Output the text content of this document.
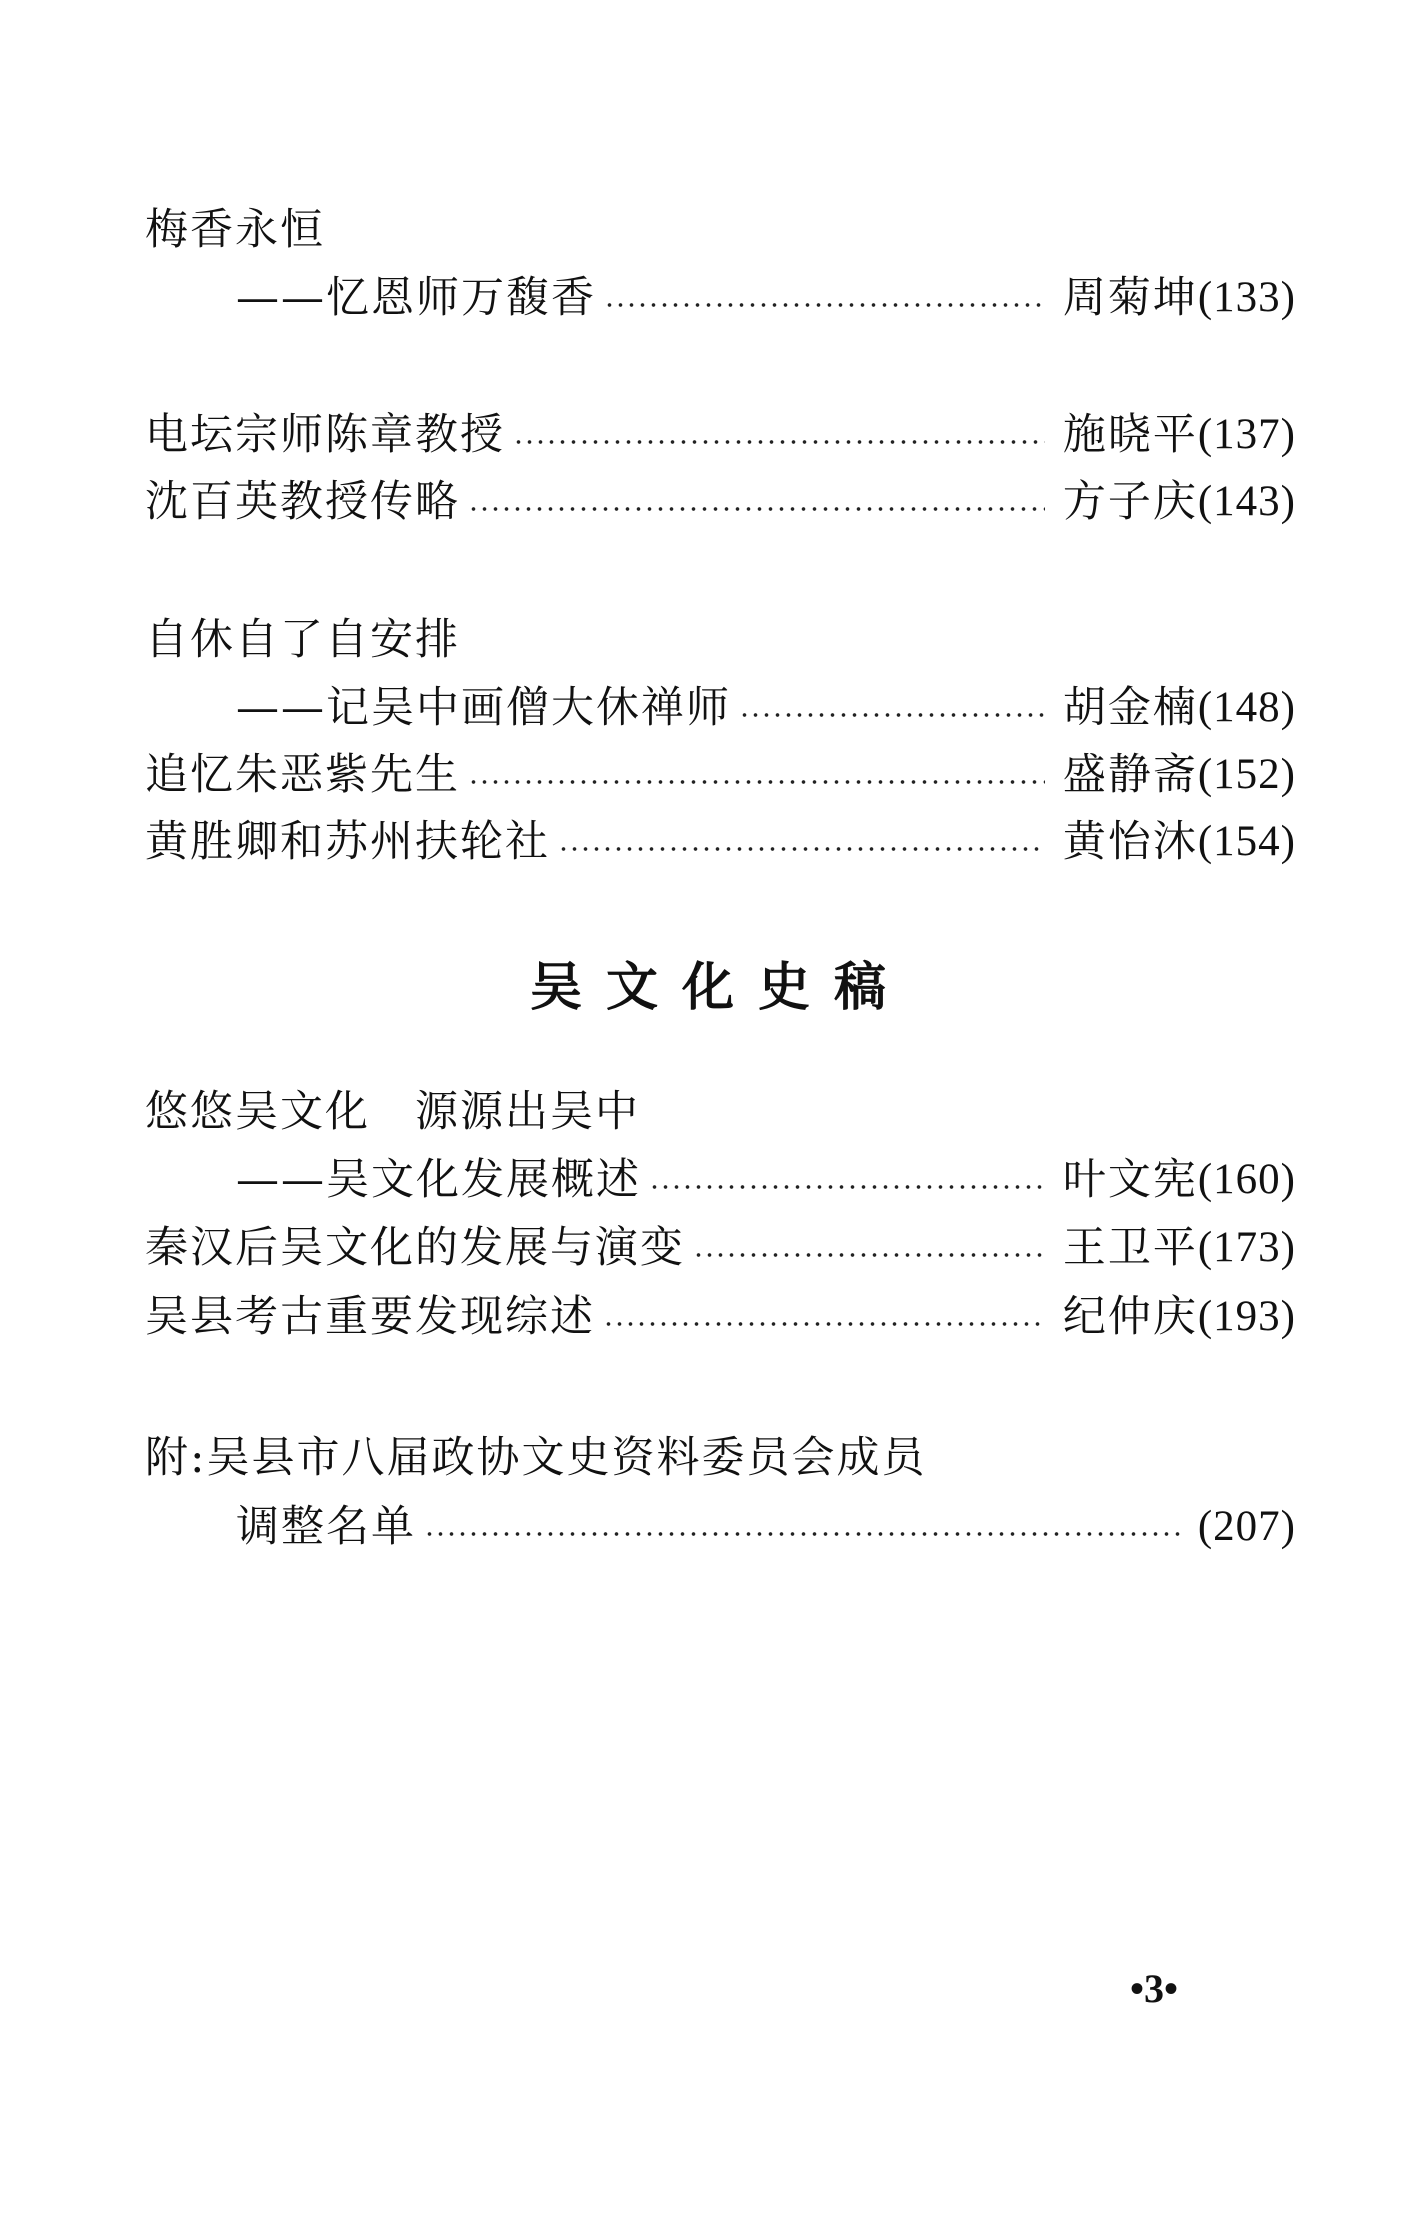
梅香永恒
——忆恩师万馥香	周菊坤 (133)
电坛宗师陈章教授	施晓平 (137)
沈百英教授传略	方子庆 (143)
自休自了自安排
——记吴中画僧大休禅师	胡金楠 (148)
追忆朱恶紫先生	盛静斋 (152)
黄胜卿和苏州扶轮社	黄怡沐 (154)
吴文化史稿
悠悠吴文化　源源出吴中
——吴文化发展概述	叶文宪 (160)
秦汉后吴文化的发展与演变	王卫平 (173)
吴县考古重要发现综述	纪仲庆 (193)
附:吴县市八届政协文史资料委员会成员
调整名单	(207)
•3•
